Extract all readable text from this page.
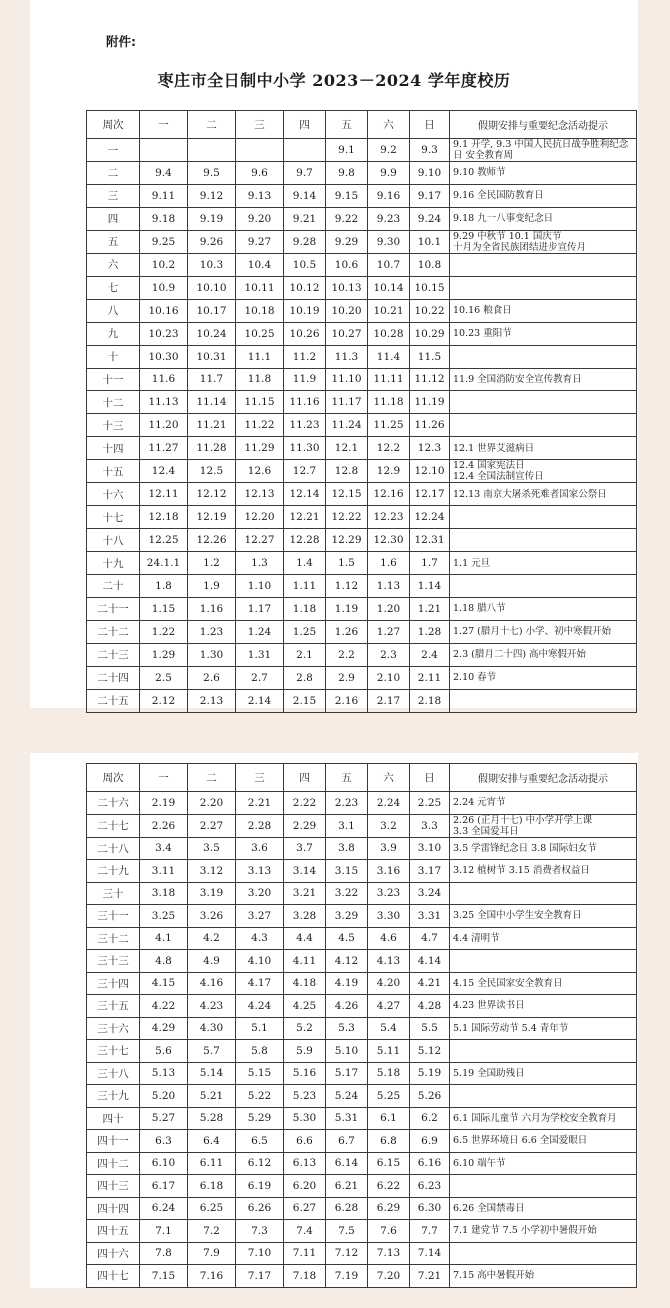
附件:
枣庄市全日制中小学 2023－2024 学年度校历
周次	一	二	三	四	五	六	日	假期安排与重要纪念活动提示
一					9.1	9.2	9.3	9.1 开学, 9.3 中国人民抗日战争胜利纪念日 安全教育周
二	9.4	9.5	9.6	9.7	9.8	9.9	9.10	9.10 教师节
三	9.11	9.12	9.13	9.14	9.15	9.16	9.17	9.16 全民国防教育日
四	9.18	9.19	9.20	9.21	9.22	9.23	9.24	9.18 九一八事变纪念日
五	9.25	9.26	9.27	9.28	9.29	9.30	10.1	9.29 中秋节 10.1 国庆节
十月为全省民族团结进步宣传月
六	10.2	10.3	10.4	10.5	10.6	10.7	10.8	
七	10.9	10.10	10.11	10.12	10.13	10.14	10.15	
八	10.16	10.17	10.18	10.19	10.20	10.21	10.22	10.16 粮食日
九	10.23	10.24	10.25	10.26	10.27	10.28	10.29	10.23 重阳节
十	10.30	10.31	11.1	11.2	11.3	11.4	11.5	
十一	11.6	11.7	11.8	11.9	11.10	11.11	11.12	11.9 全国消防安全宣传教育日
十二	11.13	11.14	11.15	11.16	11.17	11.18	11.19	
十三	11.20	11.21	11.22	11.23	11.24	11.25	11.26	
十四	11.27	11.28	11.29	11.30	12.1	12.2	12.3	12.1 世界艾滋病日
十五	12.4	12.5	12.6	12.7	12.8	12.9	12.10	12.4 国家宪法日
12.4 全国法制宣传日
十六	12.11	12.12	12.13	12.14	12.15	12.16	12.17	12.13 南京大屠杀死难者国家公祭日
十七	12.18	12.19	12.20	12.21	12.22	12.23	12.24	
十八	12.25	12.26	12.27	12.28	12.29	12.30	12.31	
十九	24.1.1	1.2	1.3	1.4	1.5	1.6	1.7	1.1 元旦
二十	1.8	1.9	1.10	1.11	1.12	1.13	1.14	
二十一	1.15	1.16	1.17	1.18	1.19	1.20	1.21	1.18 腊八节
二十二	1.22	1.23	1.24	1.25	1.26	1.27	1.28	1.27 (腊月十七) 小学、初中寒假开始
二十三	1.29	1.30	1.31	2.1	2.2	2.3	2.4	2.3 (腊月二十四) 高中寒假开始
二十四	2.5	2.6	2.7	2.8	2.9	2.10	2.11	2.10 春节
二十五	2.12	2.13	2.14	2.15	2.16	2.17	2.18	
周次	一	二	三	四	五	六	日	假期安排与重要纪念活动提示
二十六	2.19	2.20	2.21	2.22	2.23	2.24	2.25	2.24 元宵节
二十七	2.26	2.27	2.28	2.29	3.1	3.2	3.3	2.26 (正月十七) 中小学开学上课
3.3 全国爱耳日
二十八	3.4	3.5	3.6	3.7	3.8	3.9	3.10	3.5 学雷锋纪念日 3.8 国际妇女节
二十九	3.11	3.12	3.13	3.14	3.15	3.16	3.17	3.12 植树节 3.15 消费者权益日
三十	3.18	3.19	3.20	3.21	3.22	3.23	3.24	
三十一	3.25	3.26	3.27	3.28	3.29	3.30	3.31	3.25 全国中小学生安全教育日
三十二	4.1	4.2	4.3	4.4	4.5	4.6	4.7	4.4 清明节
三十三	4.8	4.9	4.10	4.11	4.12	4.13	4.14	
三十四	4.15	4.16	4.17	4.18	4.19	4.20	4.21	4.15 全民国家安全教育日
三十五	4.22	4.23	4.24	4.25	4.26	4.27	4.28	4.23 世界读书日
三十六	4.29	4.30	5.1	5.2	5.3	5.4	5.5	5.1 国际劳动节 5.4 青年节
三十七	5.6	5.7	5.8	5.9	5.10	5.11	5.12	
三十八	5.13	5.14	5.15	5.16	5.17	5.18	5.19	5.19 全国助残日
三十九	5.20	5.21	5.22	5.23	5.24	5.25	5.26	
四十	5.27	5.28	5.29	5.30	5.31	6.1	6.2	6.1 国际儿童节 六月为学校安全教育月
四十一	6.3	6.4	6.5	6.6	6.7	6.8	6.9	6.5 世界环境日 6.6 全国爱眼日
四十二	6.10	6.11	6.12	6.13	6.14	6.15	6.16	6.10 端午节
四十三	6.17	6.18	6.19	6.20	6.21	6.22	6.23	
四十四	6.24	6.25	6.26	6.27	6.28	6.29	6.30	6.26 全国禁毒日
四十五	7.1	7.2	7.3	7.4	7.5	7.6	7.7	7.1 建党节 7.5 小学初中暑假开始
四十六	7.8	7.9	7.10	7.11	7.12	7.13	7.14	
四十七	7.15	7.16	7.17	7.18	7.19	7.20	7.21	7.15 高中暑假开始
